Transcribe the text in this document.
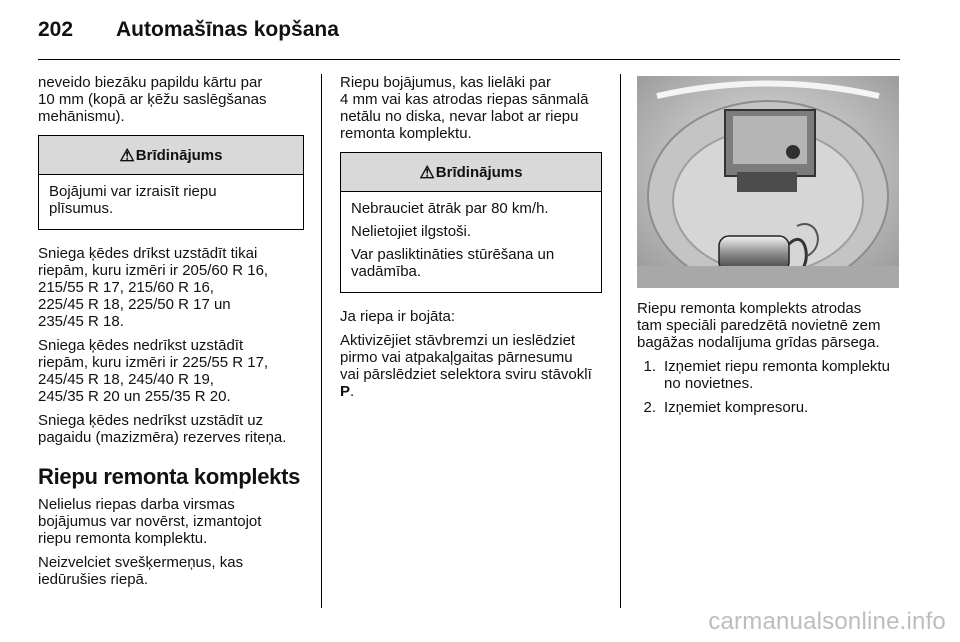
202 Automašīnas kopšana

neveido biezāku papildu kārtu par
10 mm (kopā ar ķēžu saslēgšanas
mehānismu).

⚠ Brīdinājums

Bojājumi var izraisīt riepu
plīsumus.

Sniega ķēdes drīkst uzstādīt tikai
riepām, kuru izmēri ir 205/60 R 16,
215/55 R 17, 215/60 R 16,
225/45 R 18, 225/50 R 17 un
235/45 R 18.

Sniega ķēdes nedrīkst uzstādīt
riepām, kuru izmēri ir 225/55 R 17,
245/45 R 18, 245/40 R 19,
245/35 R 20 un 255/35 R 20.

Sniega ķēdes nedrīkst uzstādīt uz
pagaidu (mazizmēra) rezerves riteņa.

Riepu remonta komplekts

Nelielus riepas darba virsmas
bojājumus var novērst, izmantojot
riepu remonta komplektu.

Neizvelciet svešķermeņus, kas
iedūrušies riepā.

Riepu bojājumus, kas lielāki par
4 mm vai kas atrodas riepas sānmalā
netālu no diska, nevar labot ar riepu
remonta komplektu.

⚠ Brīdinājums

Nebrauciet ātrāk par 80 km/h.

Nelietojiet ilgstoši.

Var pasliktināties stūrēšana un
vadāmība.

Ja riepa ir bojāta:

Aktivizējiet stāvbremzi un ieslēdziet
pirmo vai atpakaļgaitas pārnesumu
vai pārslēdziet selektora sviru stāvoklī P.

Riepu remonta komplekts atrodas
tam speciāli paredzētā novietnē zem
bagāžas nodalījuma grīdas pārsega.

1. Izņemiet riepu remonta komplektu
no novietnes.
2. Izņemiet kompresoru.
carmanualsonline.info
